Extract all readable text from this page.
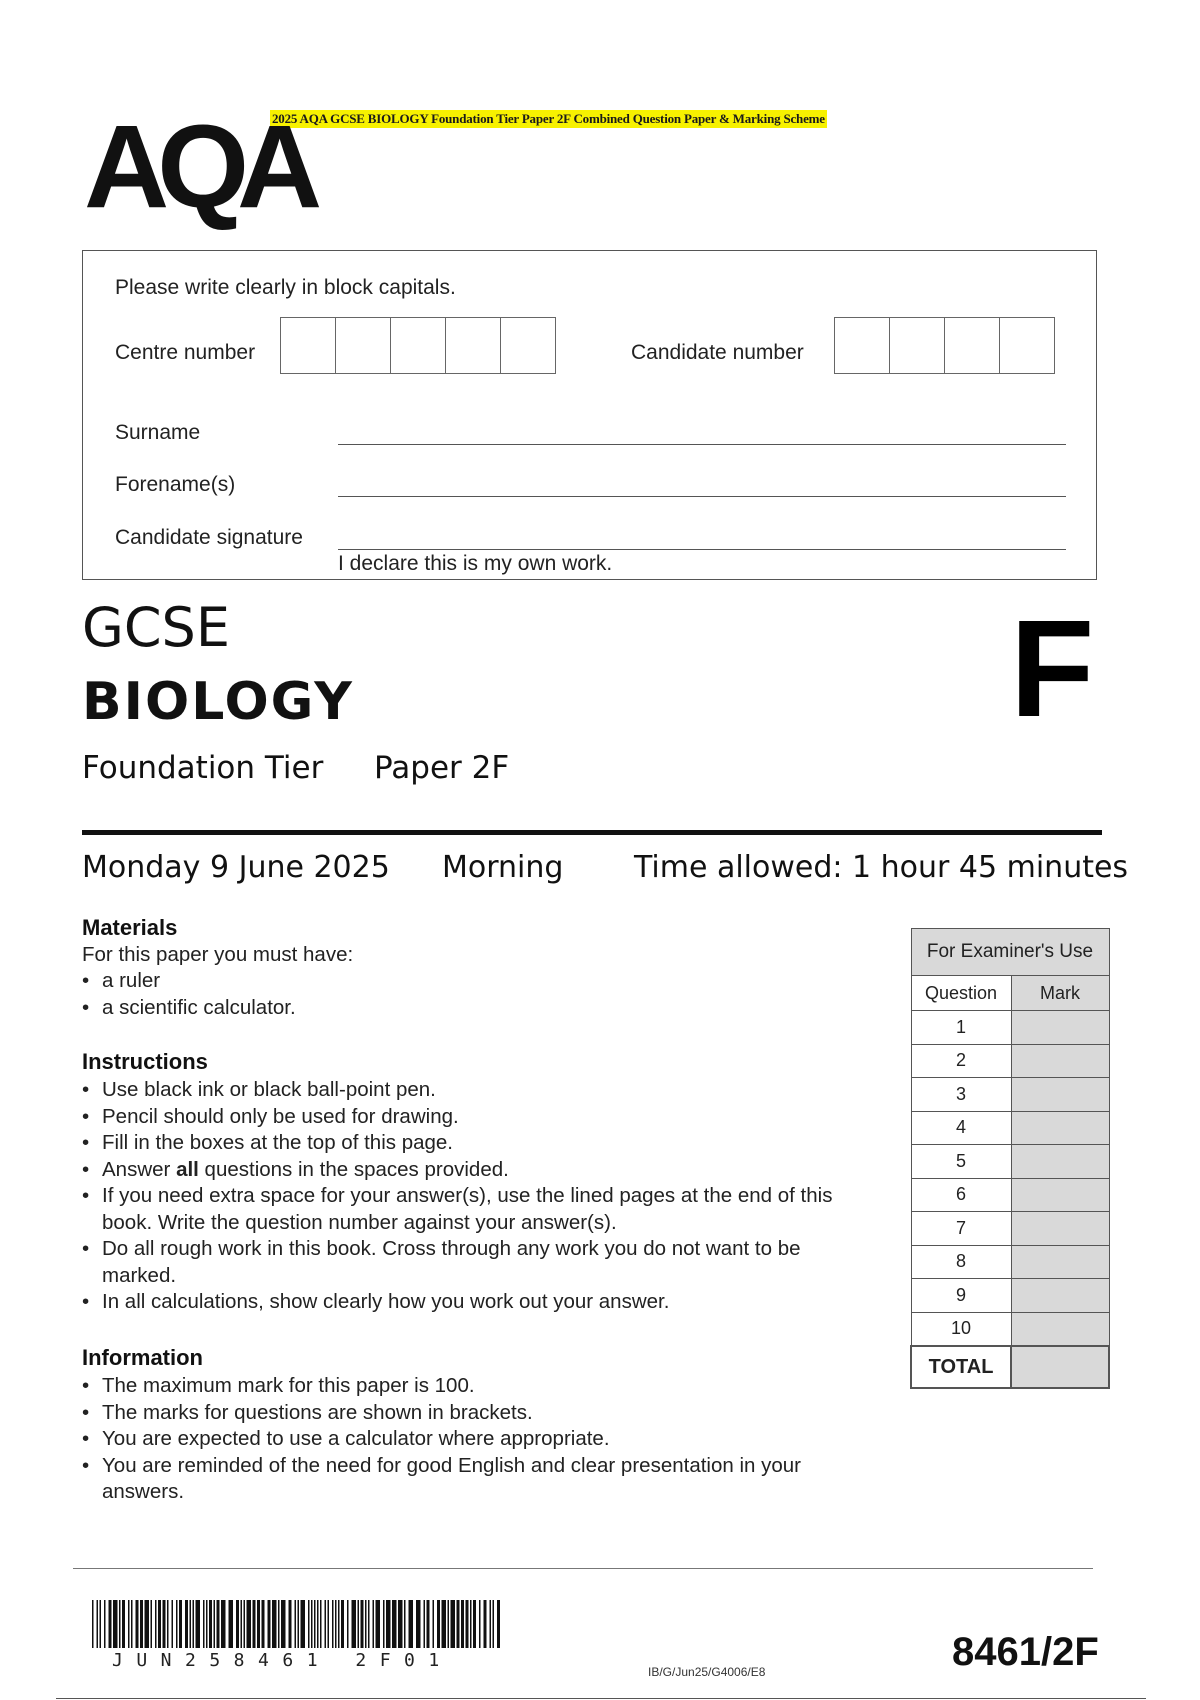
2025 AQA GCSE BIOLOGY Foundation Tier Paper 2F Combined Question Paper & Marking Scheme
AQA
Please write clearly in block capitals.
Centre number	Candidate number
Surname
Forename(s)
Candidate signature
I declare this is my own work.
GCSE
BIOLOGY	F
Foundation Tier Paper 2F
Monday 9 June 2025 Morning Time allowed: 1 hour 45 minutes
Materials
For this paper you must have:
• a ruler
• a scientific calculator.
Instructions
• Use black ink or black ball-point pen.
• Pencil should only be used for drawing.
• Fill in the boxes at the top of this page.
• Answer all questions in the spaces provided.
• If you need extra space for your answer(s), use the lined pages at the end of this book. Write the question number against your answer(s).
• Do all rough work in this book. Cross through any work you do not want to be marked.
• In all calculations, show clearly how you work out your answer.
Information
• The maximum mark for this paper is 100.
• The marks for questions are shown in brackets.
• You are expected to use a calculator where appropriate.
• You are reminded of the need for good English and clear presentation in your answers.
For Examiner's Use	
Question	Mark
1	
2	
3	
4	
5	
6	
7	
8	
9	
10	
TOTAL	
JUN258461 2F01
IB/G/Jun25/G4006/E8	8461/2F
